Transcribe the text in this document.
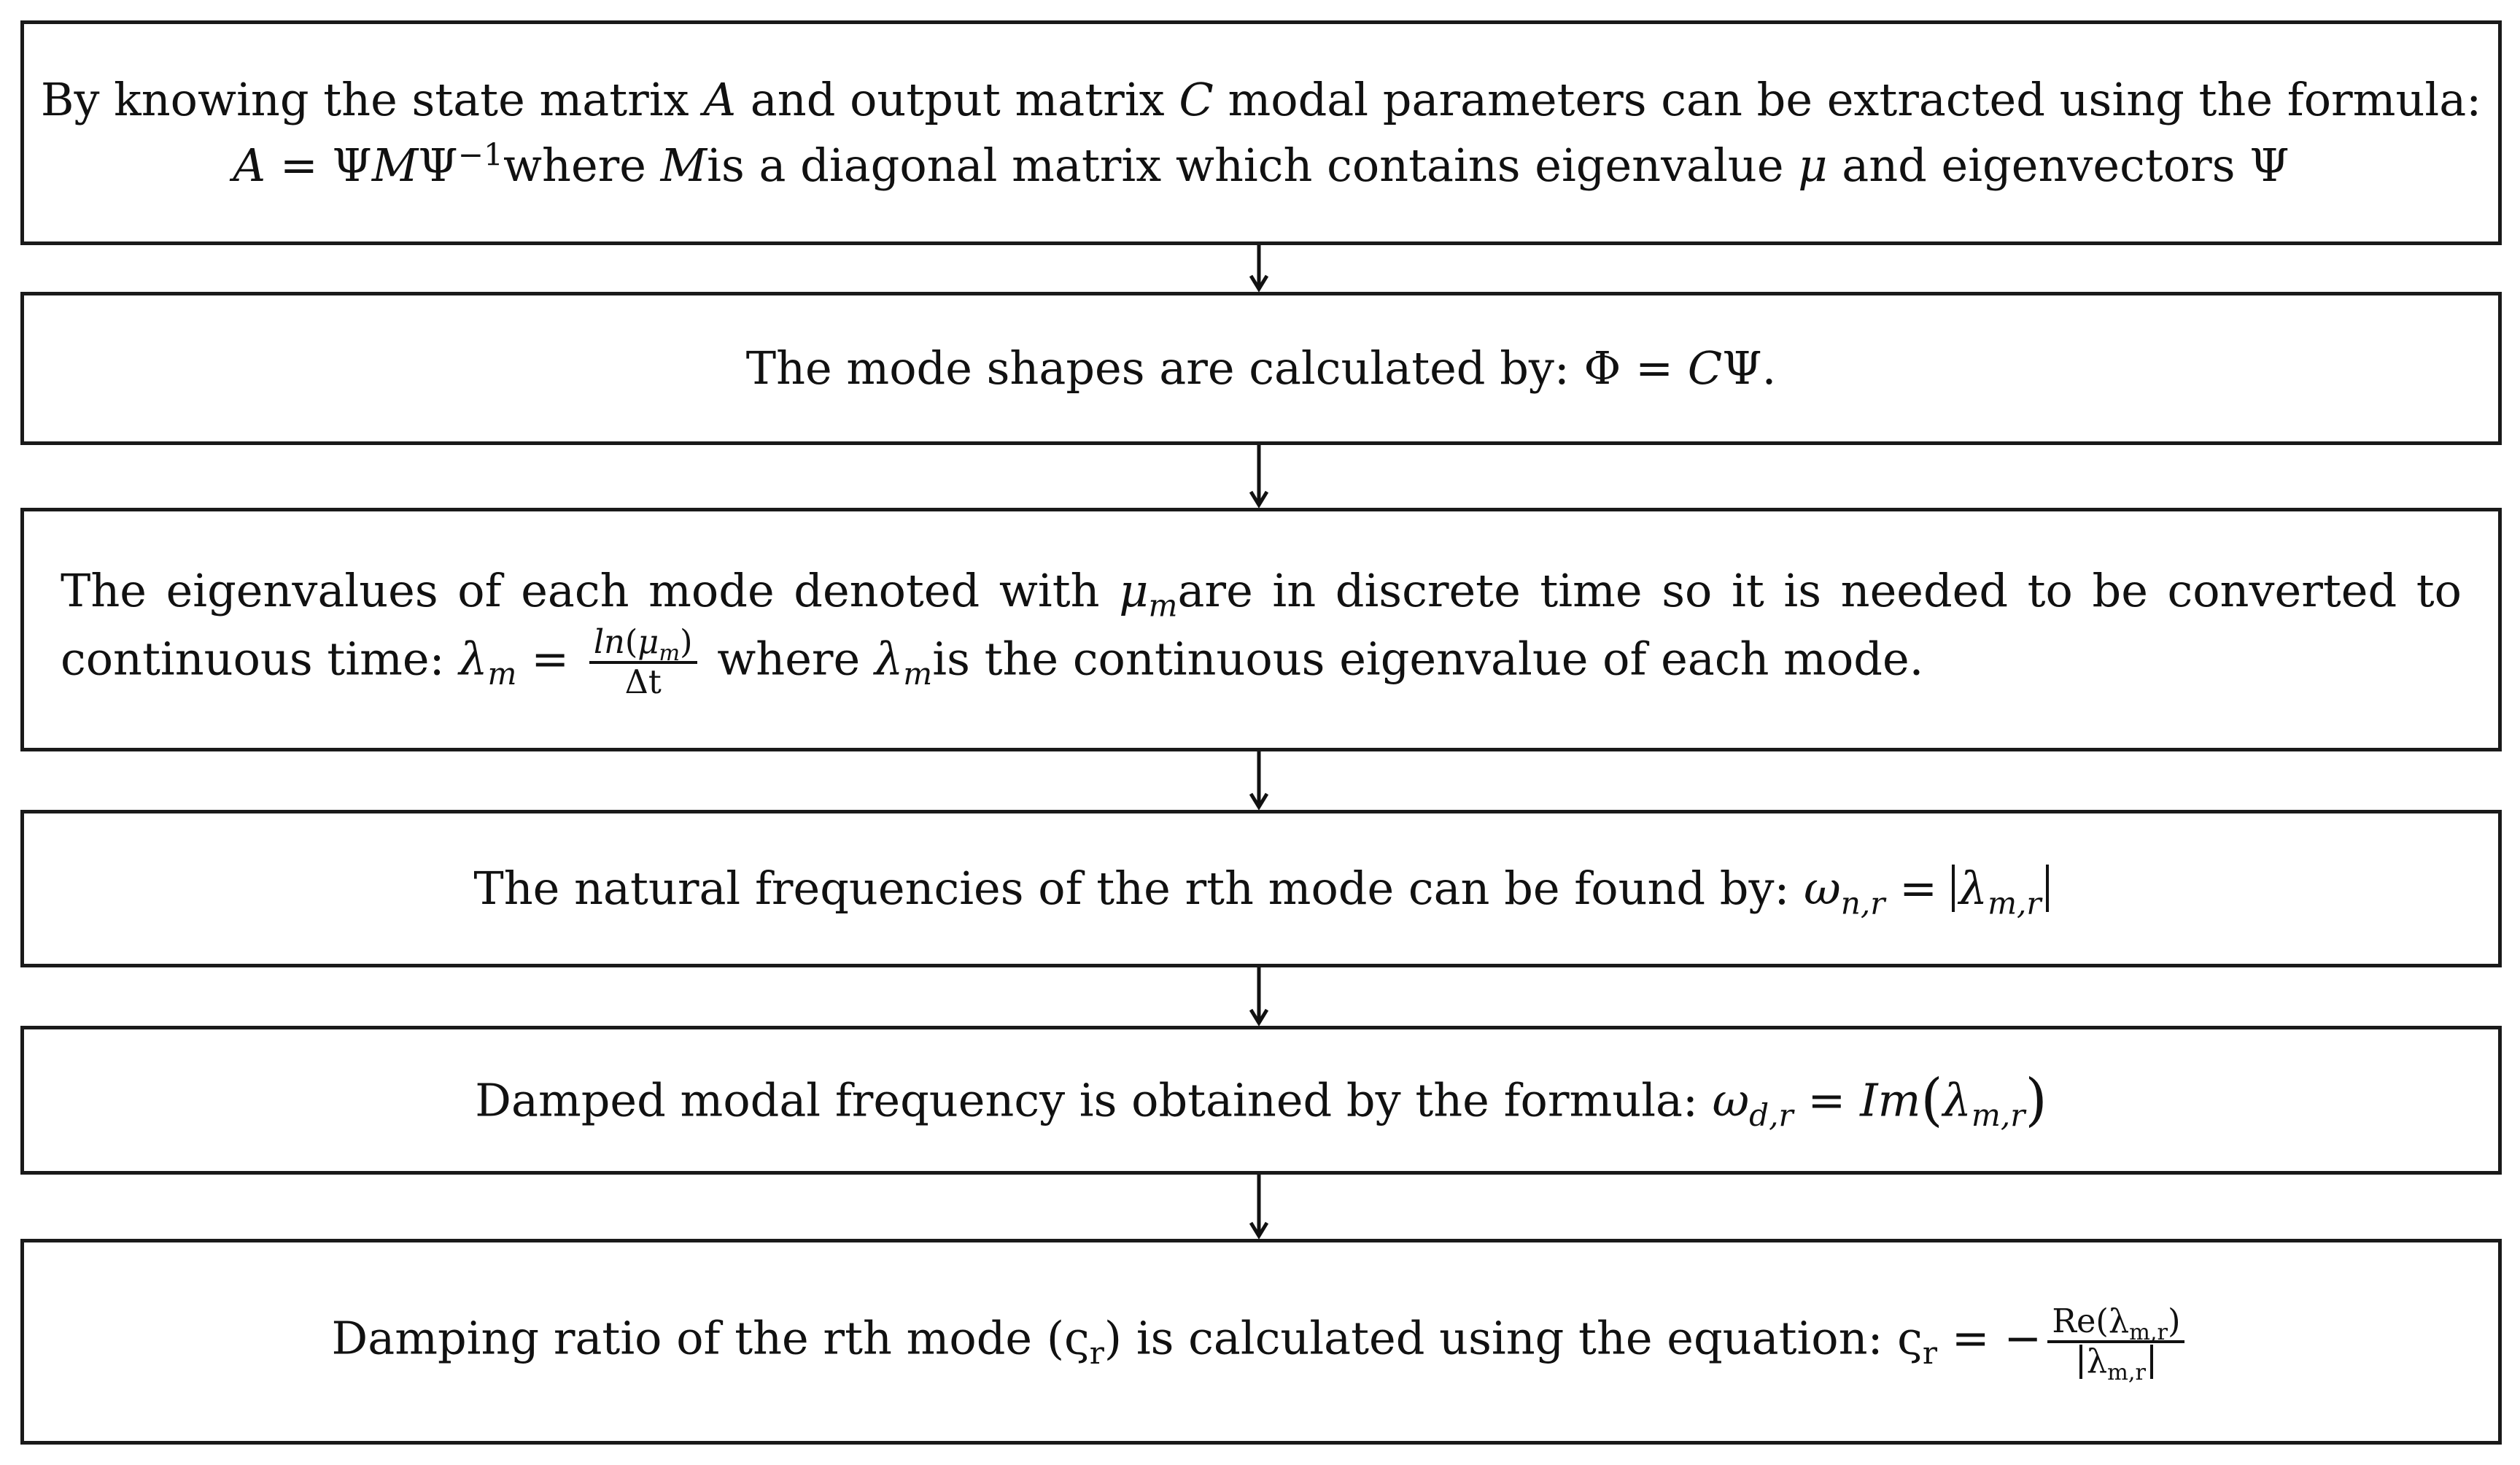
By knowing the state matrix A and output matrix C modal parameters can be extracted using the formula:
$A = \Psi M\Psi^{-1}where$ Mis a diagonal matrix which contains eigenvalue μ and eigenvectors Ψ
The mode shapes are calculated by: Φ = CΨ.
The eigenvalues of each mode denoted with $\mu_mare$ in discrete time so it is needed to be converted to
continuous time: $\lambda_m = \frac{\ln(\mu_m)}{\Delta t}$ where $\lambda_mis$ the continuous eigenvalue of each mode.
The natural frequencies of the rth mode can be found by: $\omega_{n,r} = \lambda_{m,r}$
Damped modal frequency is obtained by the formula: $\omega_{d,r} = Im(\lambda_{m,r})$
Damping ratio of the rth mode $(\varsigma_r)$ is calculated using the equation: $\varsigma_r$ = − $\frac{Re(\lambda_{m,r})}{\lambda_{m,r}}$
